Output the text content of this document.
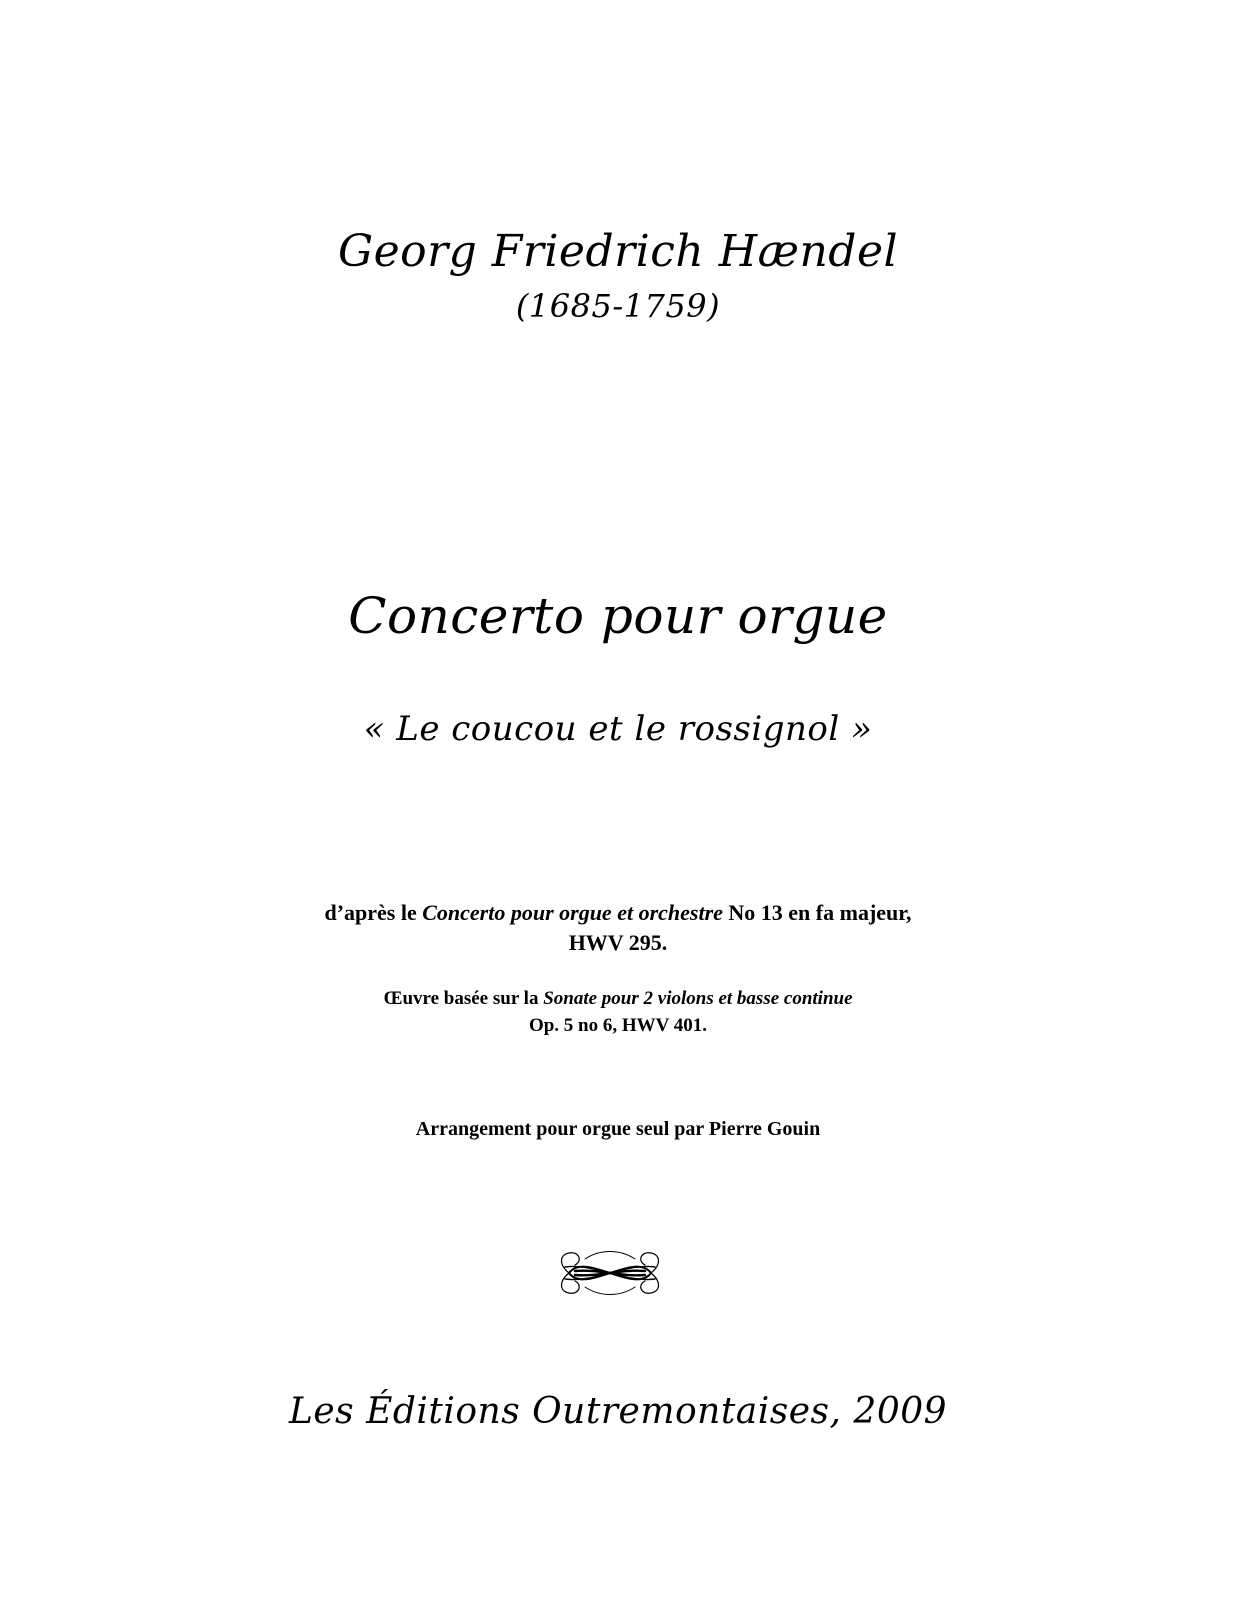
Georg Friedrich Hændel
(1685-1759)
Concerto pour orgue
« Le coucou et le rossignol »
d’après le Concerto pour orgue et orchestre No 13 en fa majeur,
HWV 295.
Œuvre basée sur la Sonate pour 2 violons et basse continue
Op. 5 no 6, HWV 401.
Arrangement pour orgue seul par Pierre Gouin
Les Éditions Outremontaises, 2009
